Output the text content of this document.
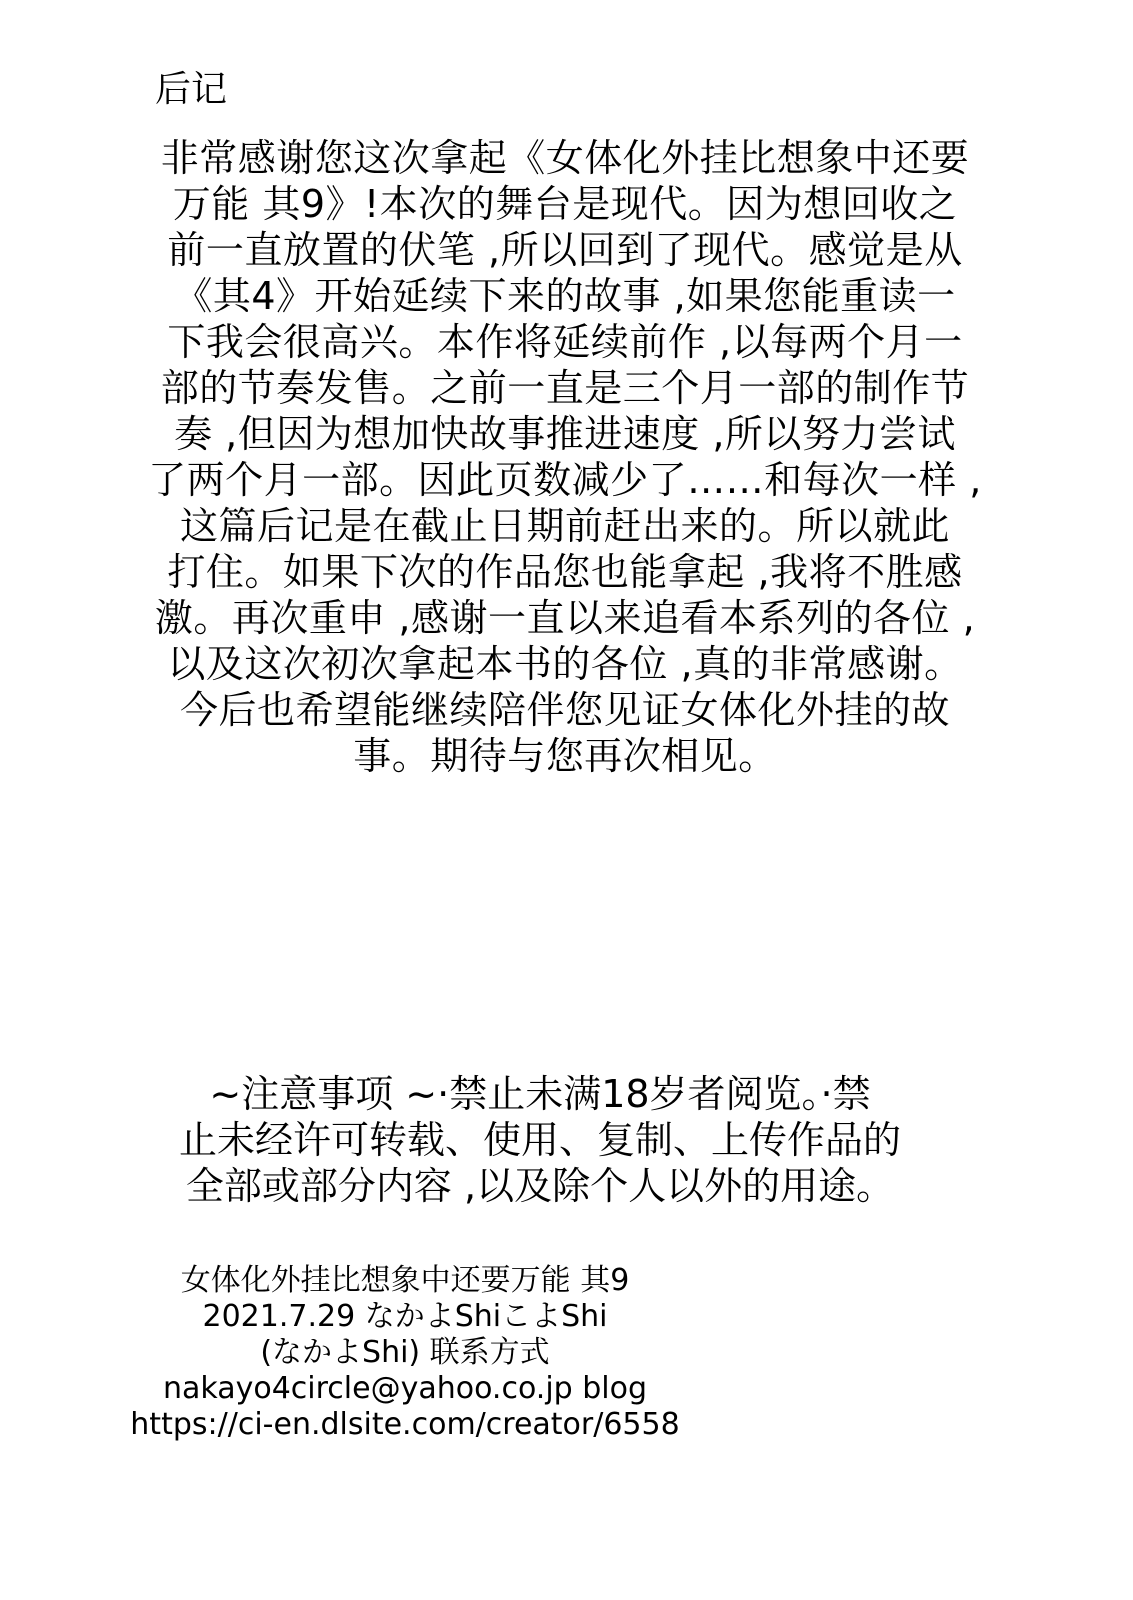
后记
非常感谢您这次拿起《女体化外挂比想象中还要
万能 其9》!本次的舞台是现代。因为想回收之
前一直放置的伏笔 ,所以回到了现代。感觉是从
《其4》开始延续下来的故事 ,如果您能重读一
下我会很高兴。本作将延续前作 ,以每两个月一
部的节奏发售。之前一直是三个月一部的制作节
奏 ,但因为想加快故事推进速度 ,所以努力尝试
了两个月一部。因此页数减少了……和每次一样 ,
这篇后记是在截止日期前赶出来的。所以就此
打住。如果下次的作品您也能拿起 ,我将不胜感
激。再次重申 ,感谢一直以来追看本系列的各位 ,
以及这次初次拿起本书的各位 ,真的非常感谢。
今后也希望能继续陪伴您见证女体化外挂的故
事。期待与您再次相见。
~注意事项 ~·禁止未满18岁者阅览。·禁
止未经许可转载、使用、复制、上传作品的
全部或部分内容 ,以及除个人以外的用途。
女体化外挂比想象中还要万能 其9
2021.7.29 なかよShiこよShi
(なかよShi) 联系方式
nakayo4circle@yahoo.co.jp blog
https://ci-en.dlsite.com/creator/6558
